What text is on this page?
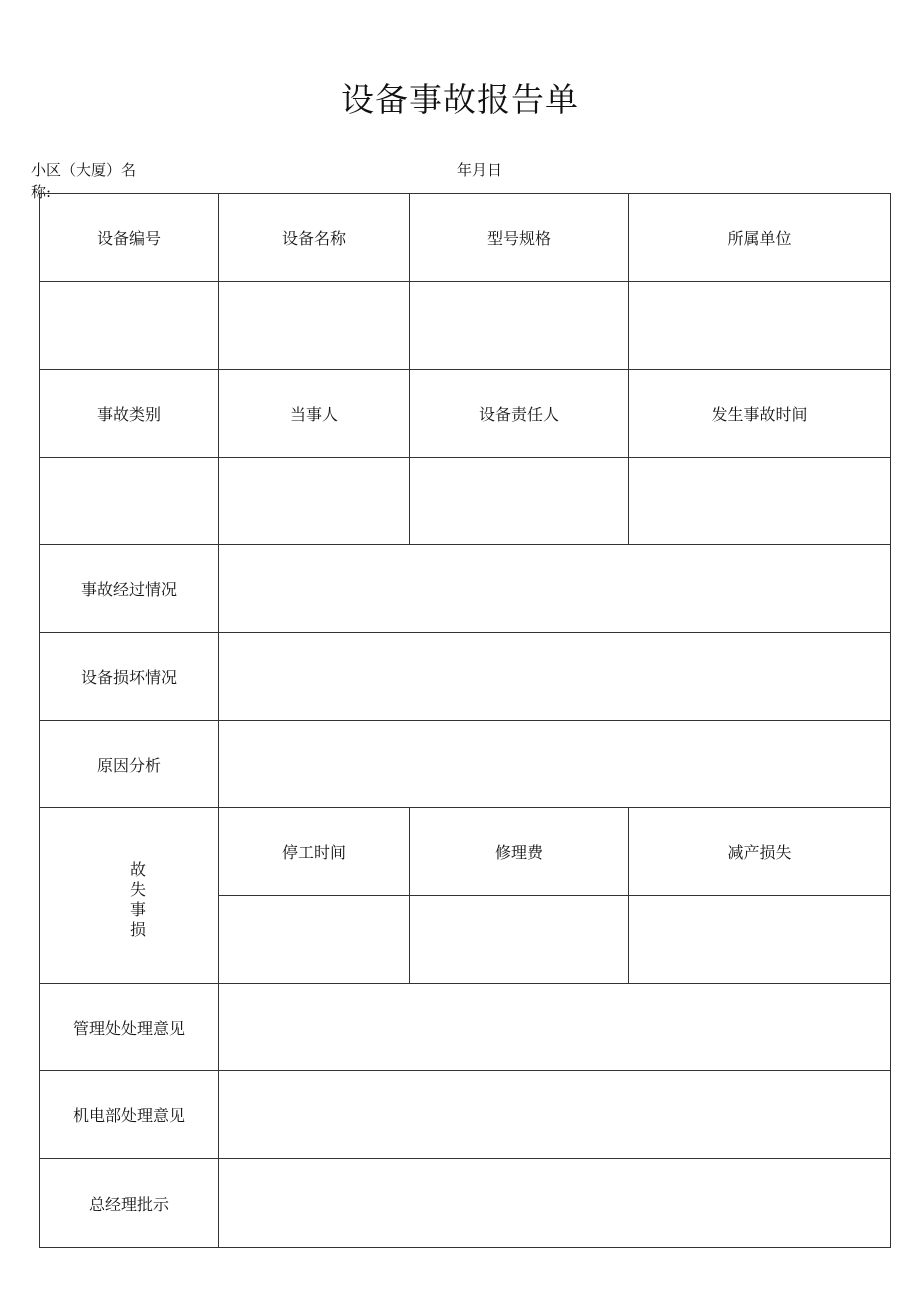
设备事故报告单
小区（大厦）名称:
年月日
设备编号	设备名称	型号规格	所属单位

事故类别	当事人	设备责任人	发生事故时间

事故经过情况			
设备损坏情况			
原因分析			
故失事损	停工时间	修理费	减产损失

管理处处理意见			
机电部处理意见			
总经理批示			
